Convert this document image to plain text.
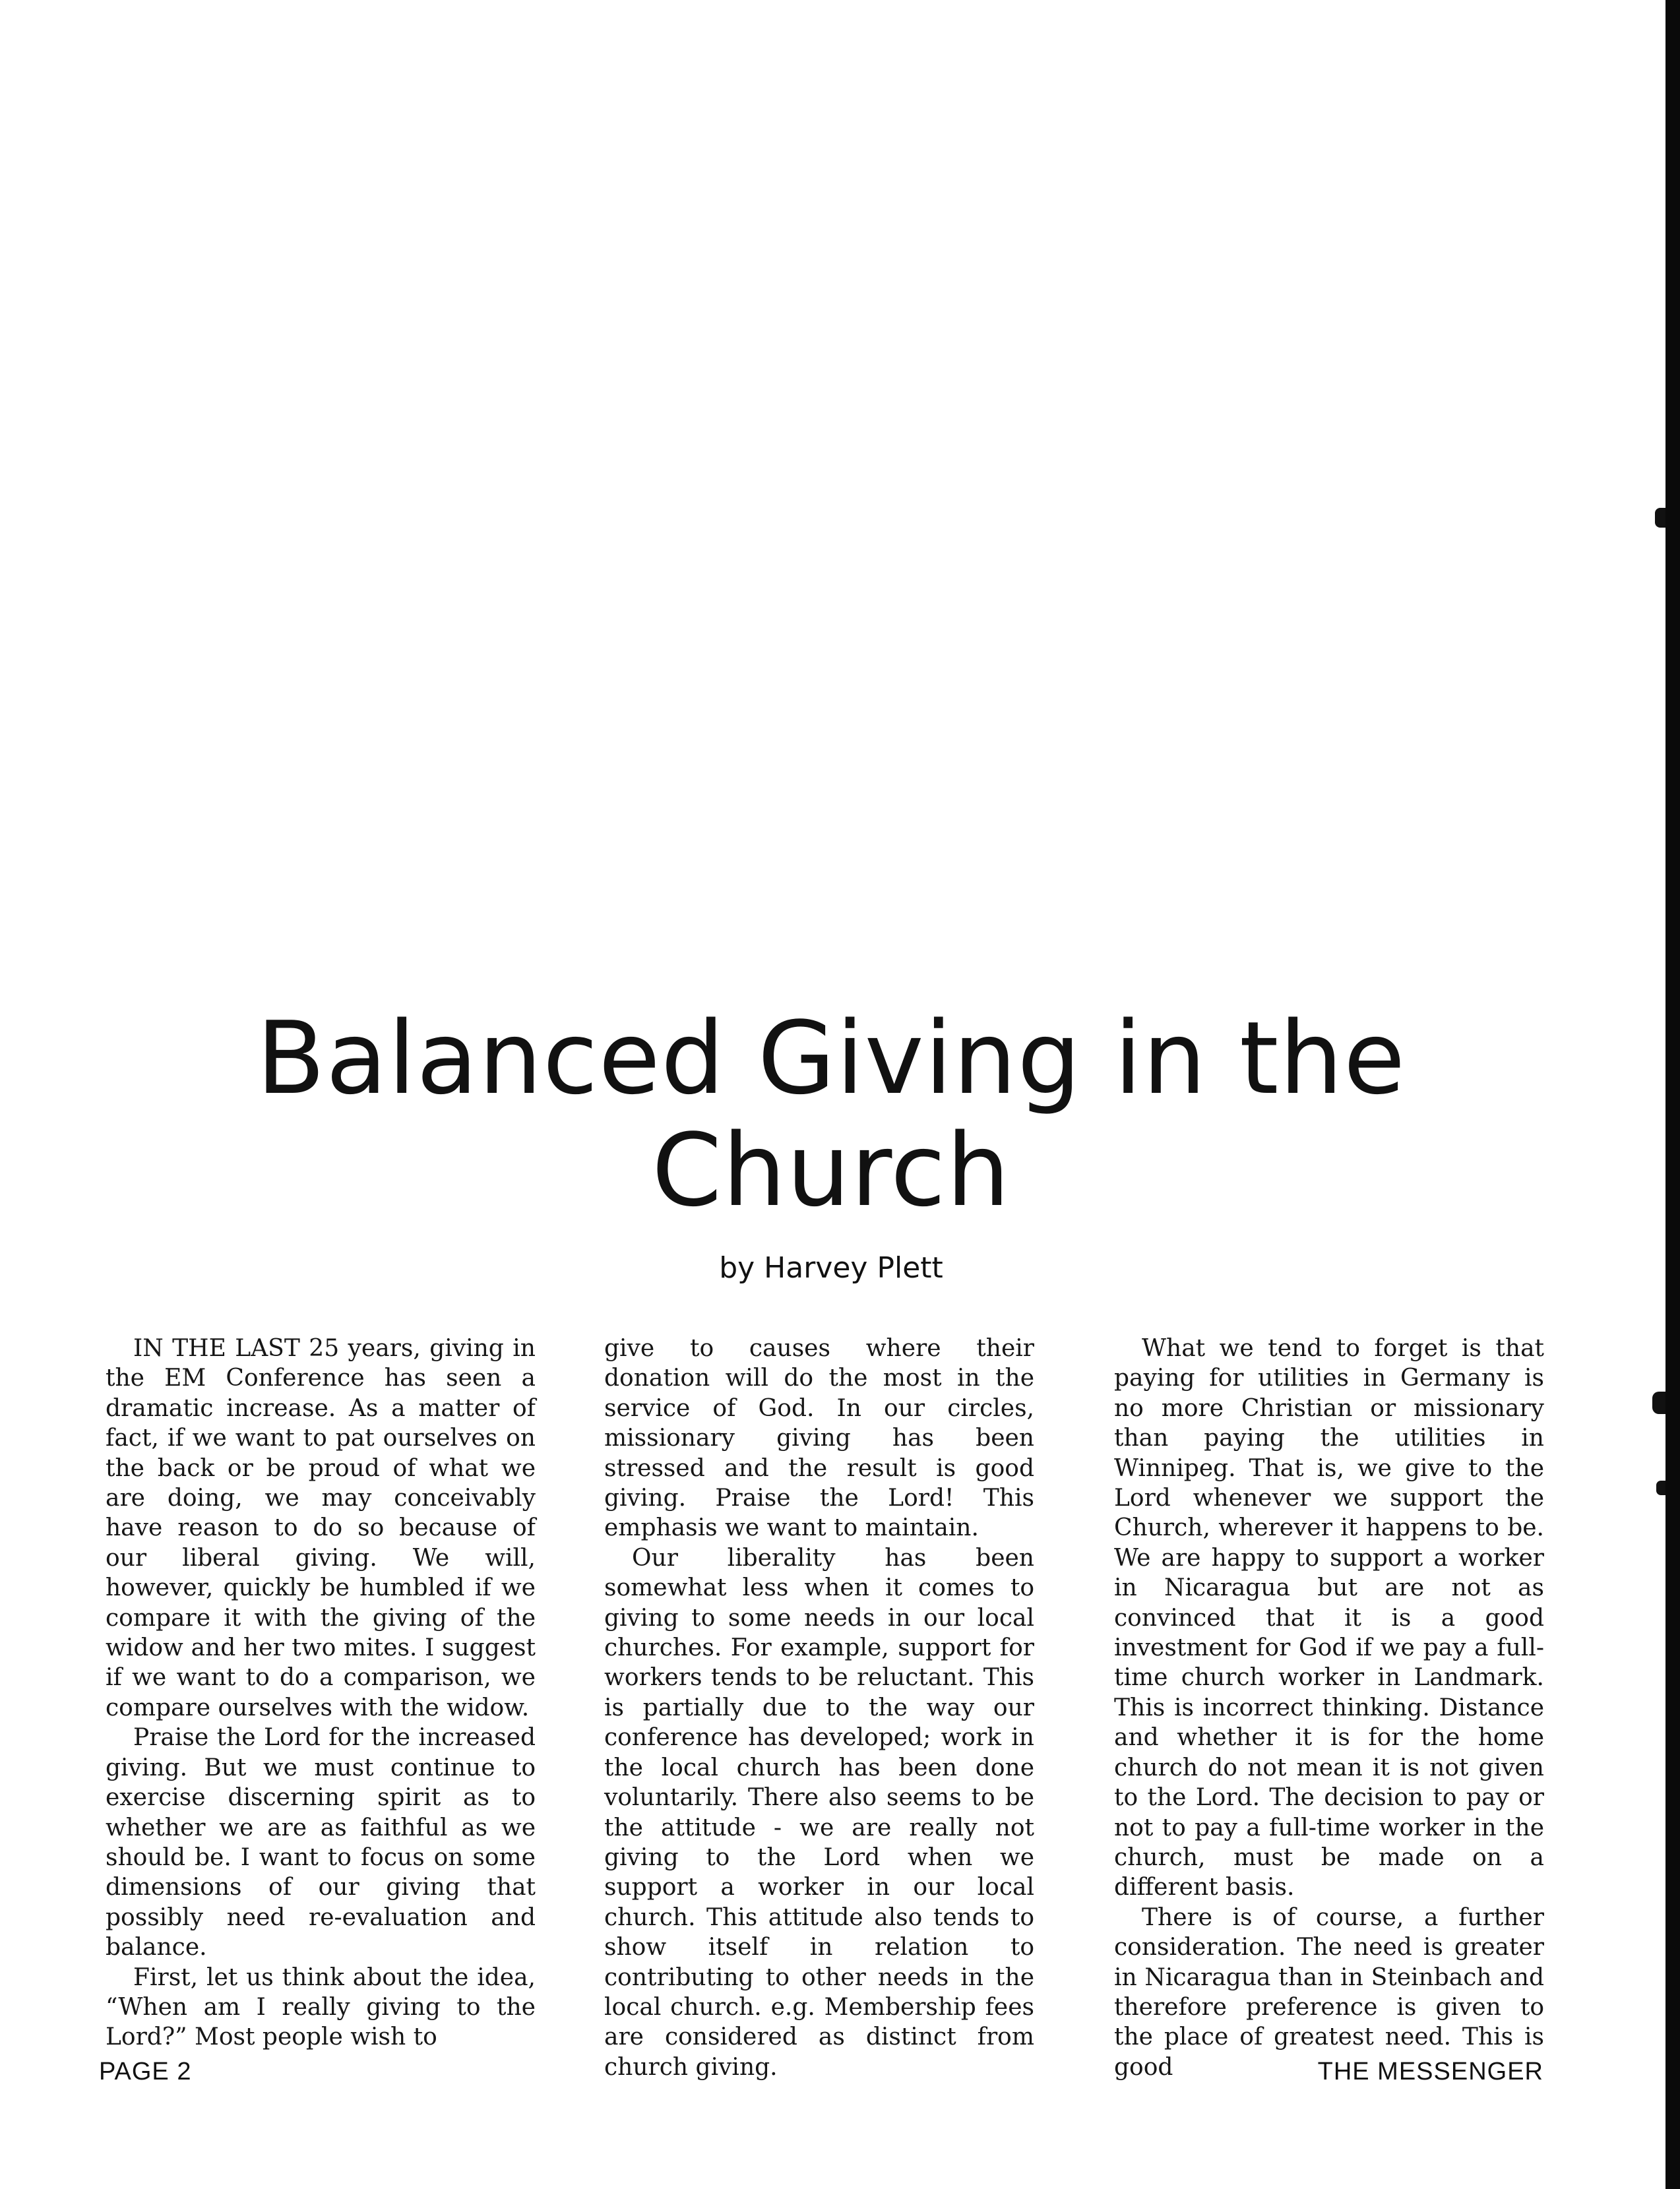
Balanced Giving in the Church
by Harvey Plett

IN THE LAST 25 years, giving in the EM Conference has seen a dramatic increase. As a matter of fact, if we want to pat ourselves on the back or be proud of what we are doing, we may conceivably have reason to do so because of our liberal giving. We will, however, quickly be humbled if we compare it with the giving of the widow and her two mites. I suggest if we want to do a comparison, we compare ourselves with the widow.

Praise the Lord for the increased giving. But we must continue to exercise discerning spirit as to whether we are as faithful as we should be. I want to focus on some dimensions of our giving that possibly need re-evaluation and balance.

First, let us think about the idea, “When am I really giving to the Lord?” Most people wish to

give to causes where their donation will do the most in the service of God. In our circles, missionary giving has been stressed and the result is good giving. Praise the Lord! This emphasis we want to maintain.

Our liberality has been somewhat less when it comes to giving to some needs in our local churches. For example, support for workers tends to be reluctant. This is partially due to the way our conference has developed; work in the local church has been done voluntarily. There also seems to be the attitude - we are really not giving to the Lord when we support a worker in our local church. This attitude also tends to show itself in relation to contributing to other needs in the local church. e.g. Membership fees are considered as distinct from church giving.

What we tend to forget is that paying for utilities in Germany is no more Christian or missionary than paying the utilities in Winnipeg. That is, we give to the Lord whenever we support the Church, wherever it happens to be. We are happy to support a worker in Nicaragua but are not as convinced that it is a good investment for God if we pay a full-time church worker in Landmark. This is incorrect thinking. Distance and whether it is for the home church do not mean it is not given to the Lord. The decision to pay or not to pay a full-time worker in the church, must be made on a different basis.

There is of course, a further consideration. The need is greater in Nicaragua than in Steinbach and therefore preference is given to the place of greatest need. This is good

PAGE 2	THE MESSENGER
